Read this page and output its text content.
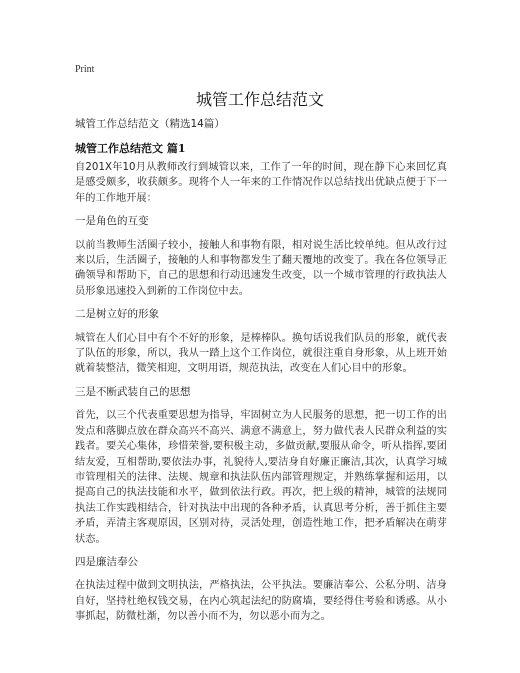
Print
城管工作总结范文
城管工作总结范文（精选14篇）
城管工作总结范文 篇1

自201X年10月从教师改行到城管以来，工作了一年的时间，现在静下心来回忆真是感受颇多，收获颇多。现将个人一年来的工作情况作以总结找出优缺点便于下一年的工作地开展：

一是角色的互变

以前当教师生活圈子较小，接触人和事物有限，相对说生活比较单纯。但从改行过来以后，生活圈子，接触的人和事物都发生了翻天覆地的改变了。我在各位领导正确领导和帮助下，自己的思想和行动迅速发生改变，以一个城市管理的行政执法人员形象迅速投入到新的工作岗位中去。

二是树立好的形象

城管在人们心目中有个不好的形象，是棒棒队。换句话说我们队员的形象，就代表了队伍的形象，所以，我从一踏上这个工作岗位，就很注重自身形象，从上班开始就着装整洁，微笑相迎，文明用语，规范执法，改变在人们心目中的形象。

三是不断武装自己的思想

首先，以三个代表重要思想为指导，牢固树立为人民服务的思想，把一切工作的出发点和落脚点放在群众高兴不高兴、满意不满意上，努力做代表人民群众利益的实践者。要关心集体，珍惜荣誉,要积极主动，多做贡献,要服从命令，听从指挥,要团结友爱，互相帮助,要依法办事，礼貌待人,要洁身自好廉正廉洁,其次，认真学习城市管理相关的法律、法规、规章和执法队伍内部管理规定，并熟练掌握和运用，以提高自己的执法技能和水平，做到依法行政。再次，把上级的精神，城管的法规同执法工作实践相结合，针对执法中出现的各种矛盾，认真思考分析，善于抓住主要矛盾，弄清主客观原因，区别对待，灵活处理，创造性地工作，把矛盾解决在萌芽状态。

四是廉洁奉公

在执法过程中做到文明执法，严格执法，公平执法。要廉洁奉公、公私分明、洁身自好，坚持杜绝权钱交易，在内心筑起法纪的防腐墙，要经得住考验和诱惑。从小事抓起，防微杜渐，勿以善小而不为，勿以恶小而为之。
